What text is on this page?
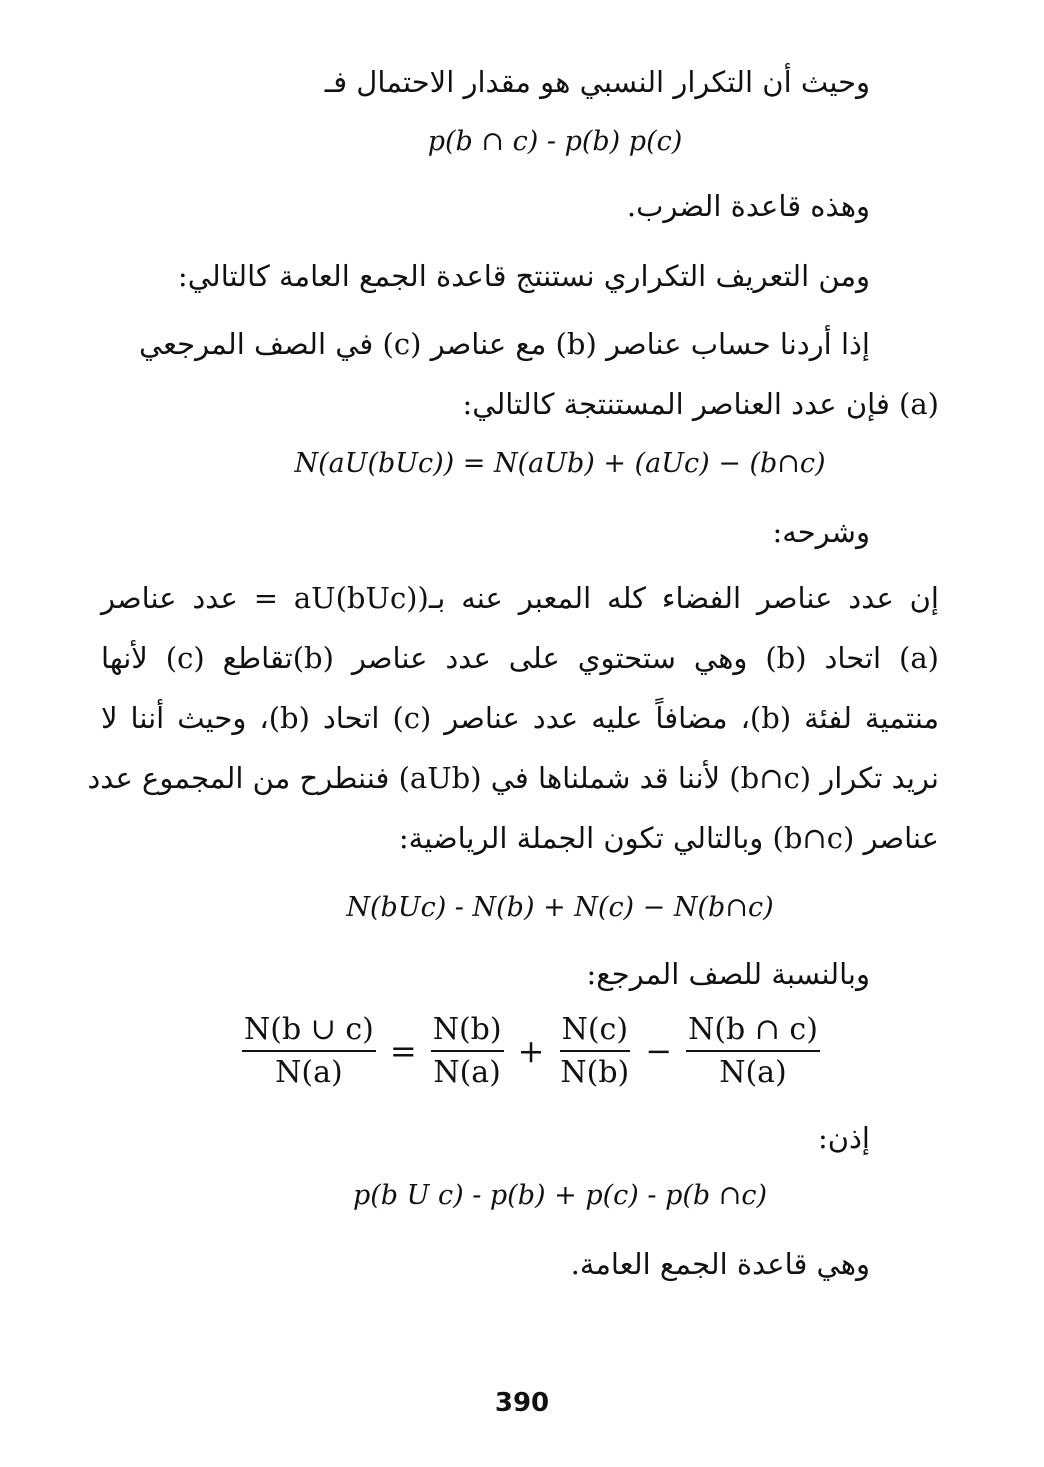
وحيث أن التكرار النسبي هو مقدار الاحتمال فـ
p(b ∩ c) - p(b) p(c)
وهذه قاعدة الضرب.
ومن التعريف التكراري نستنتج قاعدة الجمع العامة كالتالي:
إذا أردنا حساب عناصر (b) مع عناصر (c) في الصف المرجعي
(a) فإن عدد العناصر المستنتجة كالتالي:
N(aU(bUc)) = N(aUb) + (aUc) − (b∩c)
وشرحه:
إن عدد عناصر الفضاء كله المعبر عنه بـ(aU(bUc) = عدد عناصر
(a) اتحاد (b) وهي ستحتوي على عدد عناصر (b)تقاطع (c) لأنها
منتمية لفئة (b)، مضافاً عليه عدد عناصر (c) اتحاد (b)، وحيث أننا لا
نريد تكرار (b∩c) لأننا قد شملناها في (aUb) فننطرح من المجموع عدد
عناصر (b∩c) وبالتالي تكون الجملة الرياضية:
N(bUc) - N(b) + N(c) − N(b∩c)
وبالنسبة للصف المرجع:
$\frac{N(b \cup c)}{N(a)} = \frac{N(b)}{N(a)} + \frac{N(c)}{N(b)} - \frac{N(b \cap c)}{N(a)}$
إذن:
p(b U c) - p(b) + p(c) - p(b ∩c)
وهي قاعدة الجمع العامة.
390
